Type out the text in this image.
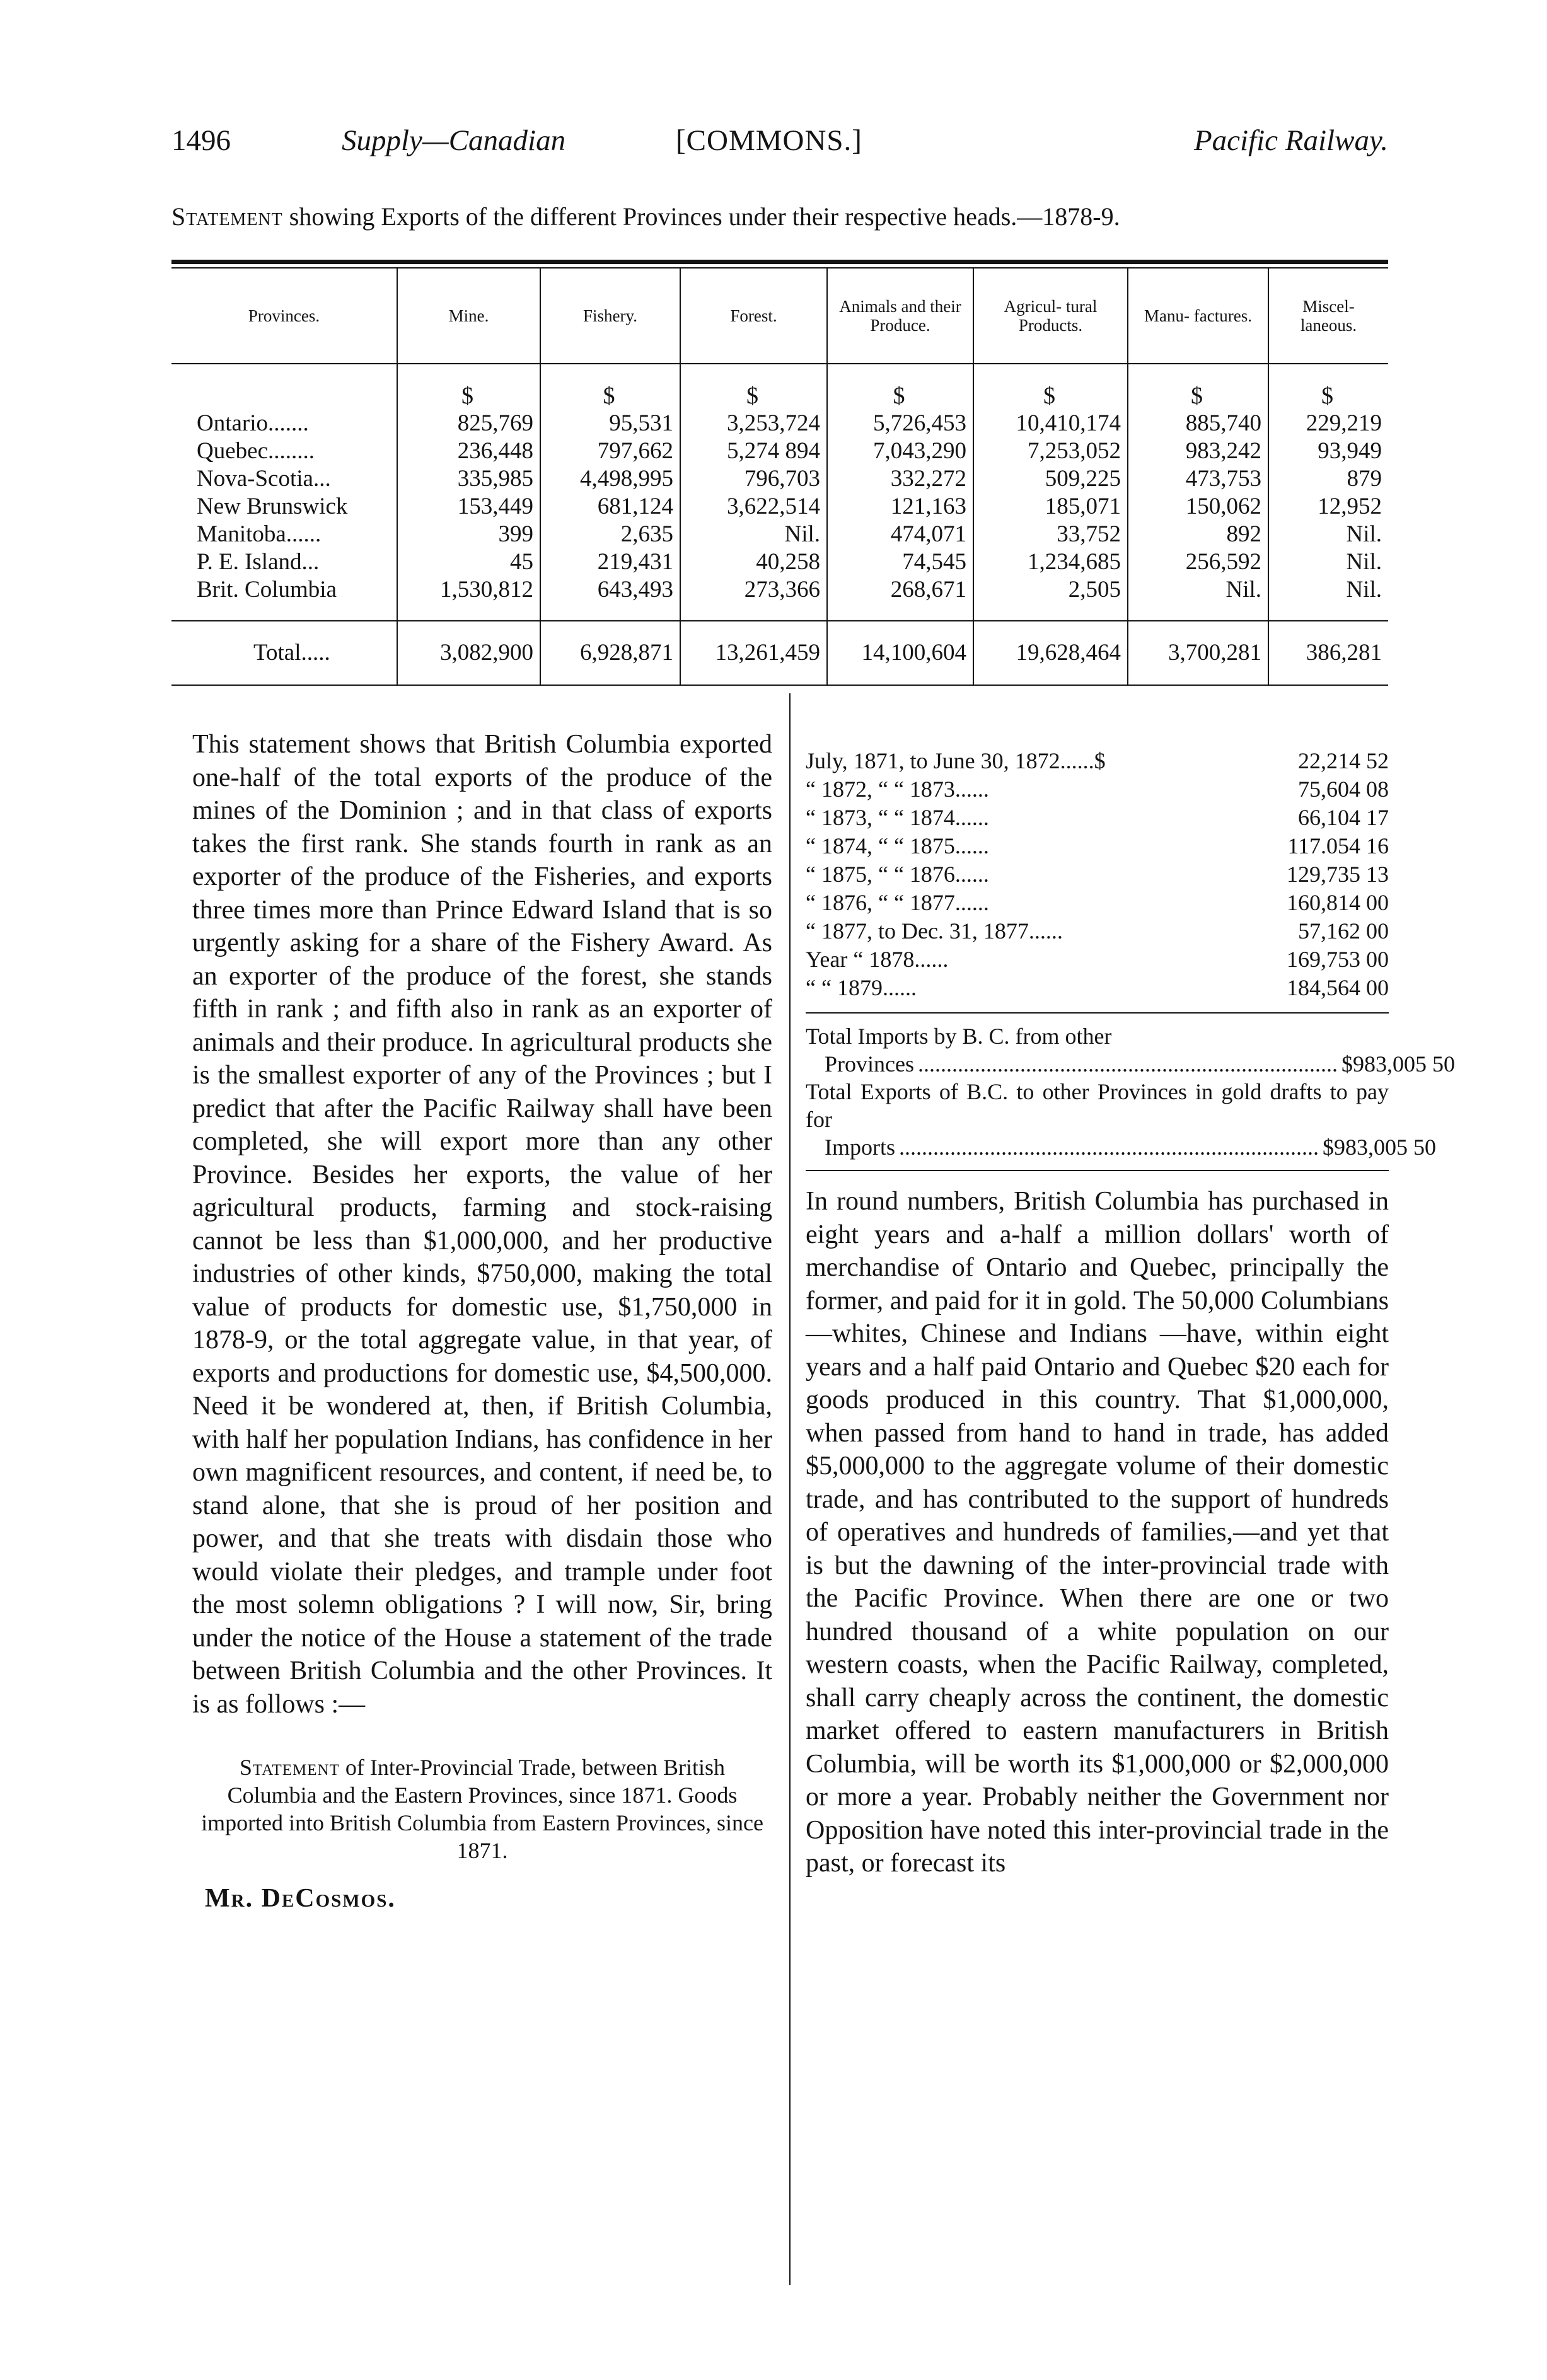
1496	Supply—Canadian	[COMMONS.]	Pacific Railway.
Statement showing Exports of the different Provinces under their respective heads.—1878-9.
Provinces.	Mine.	Fishery.	Forest.	Animals and their Produce.	Agricul- tural Products.	Manu- factures.	Miscel- laneous.
	$	$	$	$	$	$	$
Ontario.......	825,769	95,531	3,253,724	5,726,453	10,410,174	885,740	229,219
Quebec........	236,448	797,662	5,274 894	7,043,290	7,253,052	983,242	93,949
Nova-Scotia...	335,985	4,498,995	796,703	332,272	509,225	473,753	879
New Brunswick	153,449	681,124	3,622,514	121,163	185,071	150,062	12,952
Manitoba......	399	2,635	Nil.	474,071	33,752	892	Nil.
P. E. Island...	45	219,431	40,258	74,545	1,234,685	256,592	Nil.
Brit. Columbia	1,530,812	643,493	273,366	268,671	2,505	Nil.	Nil.

Total.....	3,082,900	6,928,871	13,261,459	14,100,604	19,628,464	3,700,281	386,281

This statement shows that British Columbia exported one-half of the total exports of the produce of the mines of the Dominion ; and in that class of exports takes the first rank. She stands fourth in rank as an exporter of the produce of the Fisheries, and exports three times more than Prince Edward Island that is so urgently asking for a share of the Fishery Award. As an exporter of the produce of the forest, she stands fifth in rank ; and fifth also in rank as an exporter of animals and their produce. In agricultural products she is the smallest exporter of any of the Provinces ; but I predict that after the Pacific Railway shall have been completed, she will export more than any other Province. Besides her exports, the value of her agricultural products, farming and stock-raising cannot be less than $1,000,000, and her productive industries of other kinds, $750,000, making the total value of products for domestic use, $1,750,000 in 1878-9, or the total aggregate value, in that year, of exports and productions for domestic use, $4,500,000. Need it be wondered at, then, if British Columbia, with half her population Indians, has confidence in her own magnificent resources, and content, if need be, to stand alone, that she is proud of her position and power, and that she treats with disdain those who would violate their pledges, and trample under foot the most solemn obligations ? I will now, Sir, bring under the notice of the House a statement of the trade between British Columbia and the other Provinces. It is as follows :—

Statement of Inter-Provincial Trade, between British Columbia and the Eastern Provinces, since 1871. Goods imported into British Columbia from Eastern Provinces, since 1871.

Mr. DeCosmos.

July, 1871, to June 30, 1872......$	22,214 52
“ 1872, “ “ 1873......	75,604 08
“ 1873, “ “ 1874......	66,104 17
“ 1874, “ “ 1875......	117.054 16
“ 1875, “ “ 1876......	129,735 13
“ 1876, “ “ 1877......	160,814 00
“ 1877, to Dec. 31, 1877......	57,162 00
Year “ 1878......	169,753 00
“ “ 1879......	184,564 00
Total Imports by B. C. from other
Provinces .......................................................................... $983,005 50
Total Exports of B.C. to other Provinces in gold drafts to pay for
Imports .......................................................................... $983,005 50

In round numbers, British Columbia has purchased in eight years and a-half a million dollars' worth of merchandise of Ontario and Quebec, principally the former, and paid for it in gold. The 50,000 Columbians—whites, Chinese and Indians —have, within eight years and a half paid Ontario and Quebec $20 each for goods produced in this country. That $1,000,000, when passed from hand to hand in trade, has added $5,000,000 to the aggregate volume of their domestic trade, and has contributed to the support of hundreds of operatives and hundreds of families,—and yet that is but the dawning of the inter-provincial trade with the Pacific Province. When there are one or two hundred thousand of a white population on our western coasts, when the Pacific Railway, completed, shall carry cheaply across the continent, the domestic market offered to eastern manufacturers in British Columbia, will be worth its $1,000,000 or $2,000,000 or more a year. Probably neither the Government nor Opposition have noted this inter-provincial trade in the past, or forecast its
